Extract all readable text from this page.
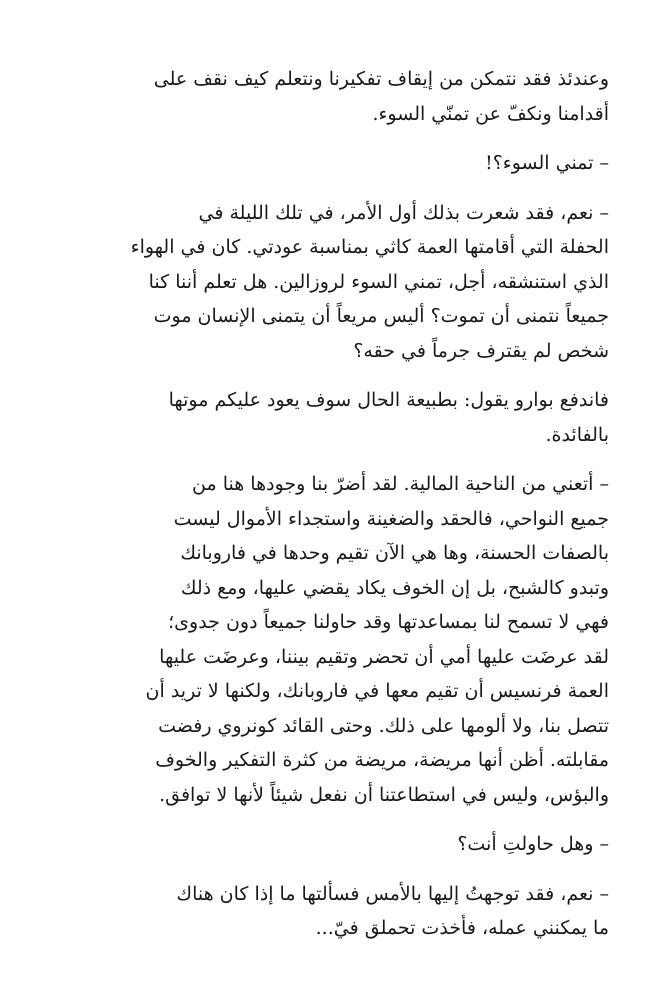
وعندئذ فقد نتمكن من إيقاف تفكيرنا ونتعلم كيف نقف على
أقدامنا ونكفّ عن تمنّي السوء.

– تمني السوء؟!

– نعم، فقد شعرت بذلك أول الأمر، في تلك الليلة في
الحفلة التي أقامتها العمة كاثي بمناسبة عودتي. كان في الهواء
الذي استنشقه، أجل، تمني السوء لروزالين. هل تعلم أننا كنا
جميعاً نتمنى أن تموت؟ أليس مريعاً أن يتمنى الإنسان موت
شخص لم يقترف جرماً في حقه؟

فاندفع بوارو يقول: بطبيعة الحال سوف يعود عليكم موتها
بالفائدة.

– أتعني من الناحية المالية. لقد أضرّ بنا وجودها هنا من
جميع النواحي، فالحقد والضغينة واستجداء الأموال ليست
بالصفات الحسنة، وها هي الآن تقيم وحدها في فاروبانك
وتبدو كالشبح، بل إن الخوف يكاد يقضي عليها، ومع ذلك
فهي لا تسمح لنا بمساعدتها وقد حاولنا جميعاً دون جدوى؛
لقد عرضَت عليها أمي أن تحضر وتقيم بيننا، وعرضَت عليها
العمة فرنسيس أن تقيم معها في فاروبانك، ولكنها لا تريد أن
تتصل بنا، ولا ألومها على ذلك. وحتى القائد كونروي رفضت
مقابلته. أظن أنها مريضة، مريضة من كثرة التفكير والخوف
والبؤس، وليس في استطاعتنا أن نفعل شيئاً لأنها لا توافق.

– وهل حاولتِ أنت؟

– نعم، فقد توجهتُ إليها بالأمس فسألتها ما إذا كان هناك
ما يمكنني عمله، فأخذت تحملق فيّ...
